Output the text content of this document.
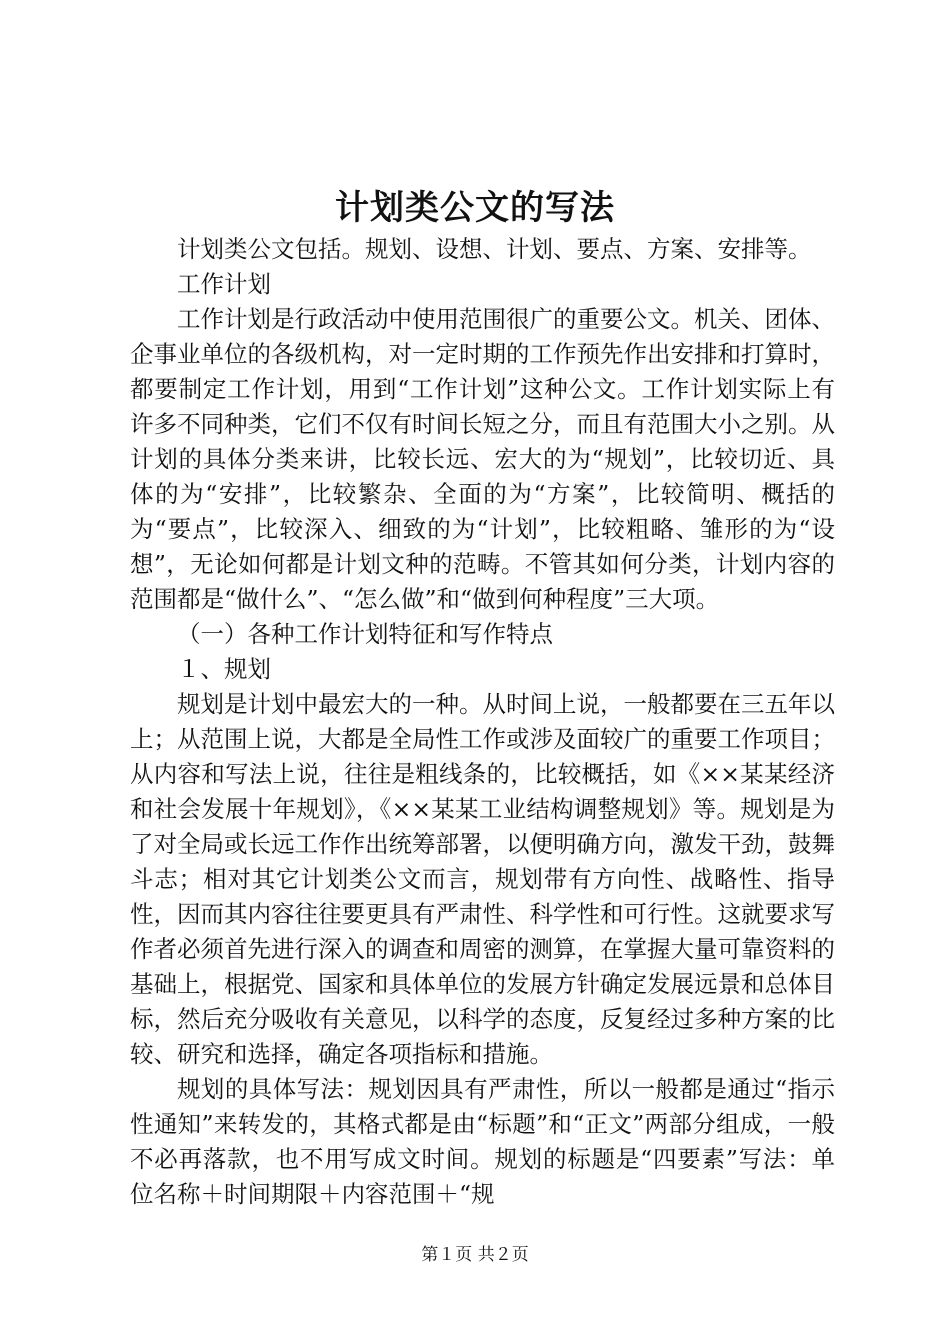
计划类公文的写法

计划类公文包括。规划、设想、计划、要点、方案、安排等。

工作计划

工作计划是行政活动中使用范围很广的重要公文。机关、团体、企事业单位的各级机构，对一定时期的工作预先作出安排和打算时，都要制定工作计划，用到“工作计划”这种公文。工作计划实际上有许多不同种类，它们不仅有时间长短之分，而且有范围大小之别。从计划的具体分类来讲，比较长远、宏大的为“规划”，比较切近、具体的为“安排”，比较繁杂、全面的为“方案”，比较简明、概括的为“要点”，比较深入、细致的为“计划”，比较粗略、雏形的为“设想”，无论如何都是计划文种的范畴。不管其如何分类，计划内容的范围都是“做什么”、“怎么做”和“做到何种程度”三大项。

（一）各种工作计划特征和写作特点

１、规划

规划是计划中最宏大的一种。从时间上说，一般都要在三五年以上；从范围上说，大都是全局性工作或涉及面较广的重要工作项目；从内容和写法上说，往往是粗线条的，比较概括，如《××某某经济和社会发展十年规划》，《××某某工业结构调整规划》等。规划是为了对全局或长远工作作出统筹部署，以便明确方向，激发干劲，鼓舞斗志；相对其它计划类公文而言，规划带有方向性、战略性、指导性，因而其内容往往要更具有严肃性、科学性和可行性。这就要求写作者必须首先进行深入的调查和周密的测算，在掌握大量可靠资料的基础上，根据党、国家和具体单位的发展方针确定发展远景和总体目标，然后充分吸收有关意见，以科学的态度，反复经过多种方案的比较、研究和选择，确定各项指标和措施。

规划的具体写法：规划因具有严肃性，所以一般都是通过“指示性通知”来转发的，其格式都是由“标题”和“正文”两部分组成，一般不必再落款，也不用写成文时间。规划的标题是“四要素”写法：单位名称＋时间期限＋内容范围＋“规

第１页 共２页
